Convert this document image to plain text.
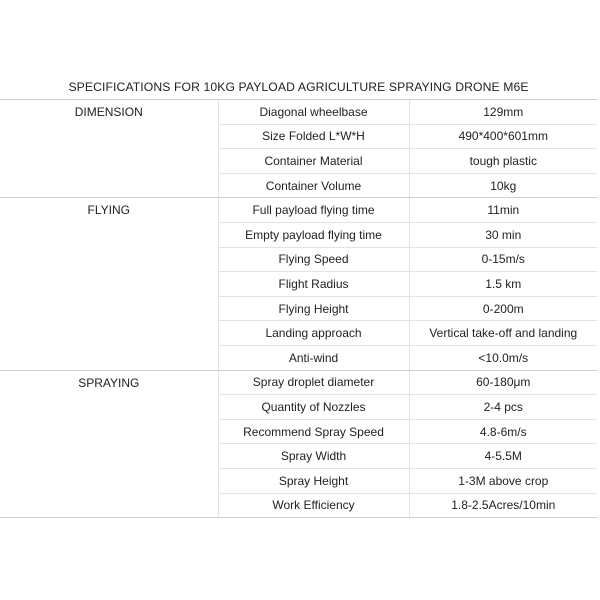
SPECIFICATIONS FOR 10KG PAYLOAD AGRICULTURE SPRAYING DRONE M6E		
DIMENSION	Diagonal wheelbase	129mm
	Size Folded L*W*H	490*400*601mm
	Container Material	tough plastic
	Container Volume	10kg
FLYING	Full payload flying time	11min
	Empty payload flying time	30 min
	Flying Speed	0-15m/s
	Flight Radius	1.5 km
	Flying Height	0-200m
	Landing approach	Vertical take-off and landing
	Anti-wind	<10.0m/s
SPRAYING	Spray droplet diameter	60-180μm
	Quantity of Nozzles	2-4 pcs
	Recommend Spray Speed	4.8-6m/s
	Spray Width	4-5.5M
	Spray Height	1-3M above crop
	Work Efficiency	1.8-2.5Acres/10min
